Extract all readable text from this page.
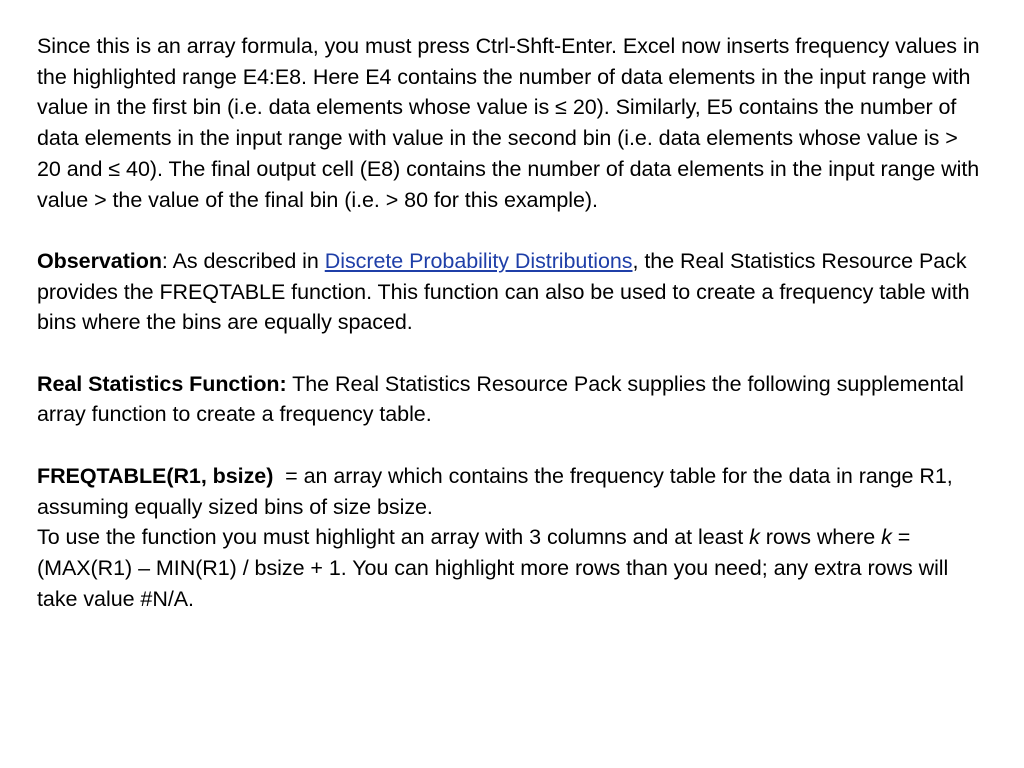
Since this is an array formula, you must press Ctrl-Shft-Enter. Excel now inserts frequency values in the highlighted range E4:E8. Here E4 contains the number of data elements in the input range with value in the first bin (i.e. data elements whose value is ≤ 20). Similarly, E5 contains the number of data elements in the input range with value in the second bin (i.e. data elements whose value is > 20 and ≤ 40). The final output cell (E8) contains the number of data elements in the input range with value > the value of the final bin (i.e. > 80 for this example).

Observation: As described in Discrete Probability Distributions, the Real Statistics Resource Pack provides the FREQTABLE function. This function can also be used to create a frequency table with bins where the bins are equally spaced.

Real Statistics Function: The Real Statistics Resource Pack supplies the following supplemental array function to create a frequency table.

FREQTABLE(R1, bsize)  = an array which contains the frequency table for the data in range R1, assuming equally sized bins of size bsize.

To use the function you must highlight an array with 3 columns and at least k rows where k = (MAX(R1) – MIN(R1) / bsize + 1. You can highlight more rows than you need; any extra rows will take value #N/A.
